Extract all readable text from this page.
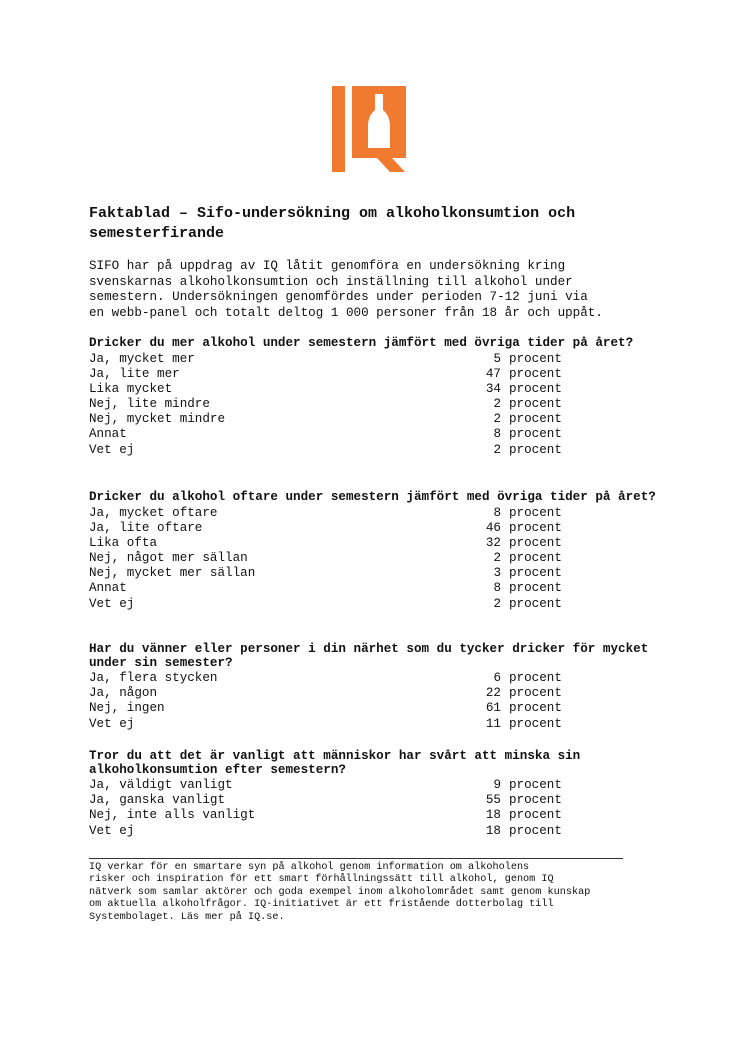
Faktablad – Sifo-undersökning om alkoholkonsumtion och semesterfirande

SIFO har på uppdrag av IQ låtit genomföra en undersökning kring
svenskarnas alkoholkonsumtion och inställning till alkohol under
semestern. Undersökningen genomfördes under perioden 7-12 juni via
en webb-panel och totalt deltog 1 000 personer från 18 år och uppåt.

Dricker du mer alkohol under semestern jämfört med övriga tider på året?

Ja, mycket mer	5 procent
Ja, lite mer	47 procent
Lika mycket	34 procent
Nej, lite mindre	2 procent
Nej, mycket mindre	2 procent
Annat	8 procent
Vet ej	2 procent

Dricker du alkohol oftare under semestern jämfört med övriga tider på året?

Ja, mycket oftare	8 procent
Ja, lite oftare	46 procent
Lika ofta	32 procent
Nej, något mer sällan	2 procent
Nej, mycket mer sällan	3 procent
Annat	8 procent
Vet ej	2 procent

Har du vänner eller personer i din närhet som du tycker dricker för mycket under sin semester?

Ja, flera stycken	6 procent
Ja, någon	22 procent
Nej, ingen	61 procent
Vet ej	11 procent

Tror du att det är vanligt att människor har svårt att minska sin alkoholkonsumtion efter semestern?

Ja, väldigt vanligt	9 procent
Ja, ganska vanligt	55 procent
Nej, inte alls vanligt	18 procent
Vet ej	18 procent

IQ verkar för en smartare syn på alkohol genom information om alkoholens
risker och inspiration för ett smart förhållningssätt till alkohol, genom IQ
nätverk som samlar aktörer och goda exempel inom alkoholområdet samt genom kunskap
om aktuella alkoholfrågor. IQ-initiativet är ett fristående dotterbolag till
Systembolaget. Läs mer på IQ.se.
